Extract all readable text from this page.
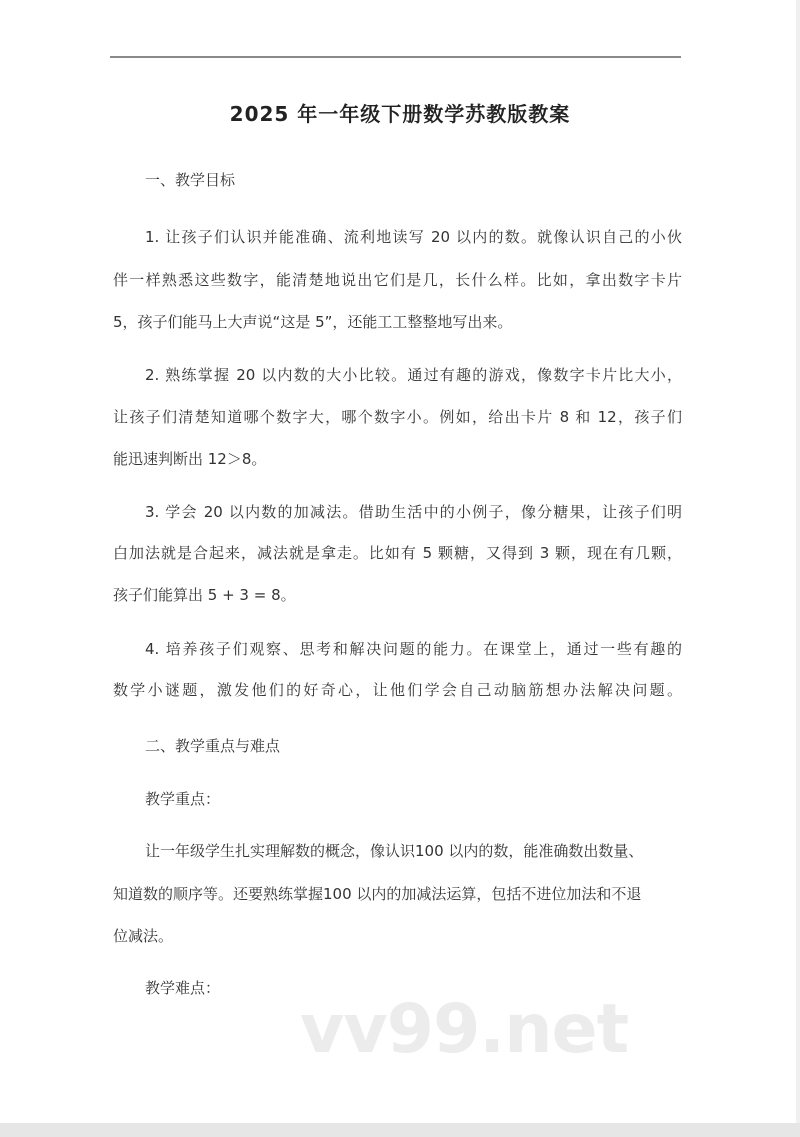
2025 年一年级下册数学苏教版教案
一、教学目标
1. 让孩子们认识并能准确、流利地读写 20 以内的数。就像认识自己的小伙
伴一样熟悉这些数字，能清楚地说出它们是几，长什么样。比如，拿出数字卡片
5，孩子们能马上大声说“这是 5”，还能工工整整地写出来。
2. 熟练掌握 20 以内数的大小比较。通过有趣的游戏，像数字卡片比大小，
让孩子们清楚知道哪个数字大，哪个数字小。例如，给出卡片 8 和 12，孩子们
能迅速判断出 12＞8。
3. 学会 20 以内数的加减法。借助生活中的小例子，像分糖果，让孩子们明
白加法就是合起来，减法就是拿走。比如有 5 颗糖，又得到 3 颗，现在有几颗，
孩子们能算出 5 + 3 = 8。
4. 培养孩子们观察、思考和解决问题的能力。在课堂上，通过一些有趣的
数学小谜题，激发他们的好奇心，让他们学会自己动脑筋想办法解决问题。
二、教学重点与难点
教学重点：
让一年级学生扎实理解数的概念，像认识100 以内的数，能准确数出数量、
知道数的顺序等。还要熟练掌握100 以内的加减法运算，包括不进位加法和不退
位减法。
教学难点：
vv99.net
